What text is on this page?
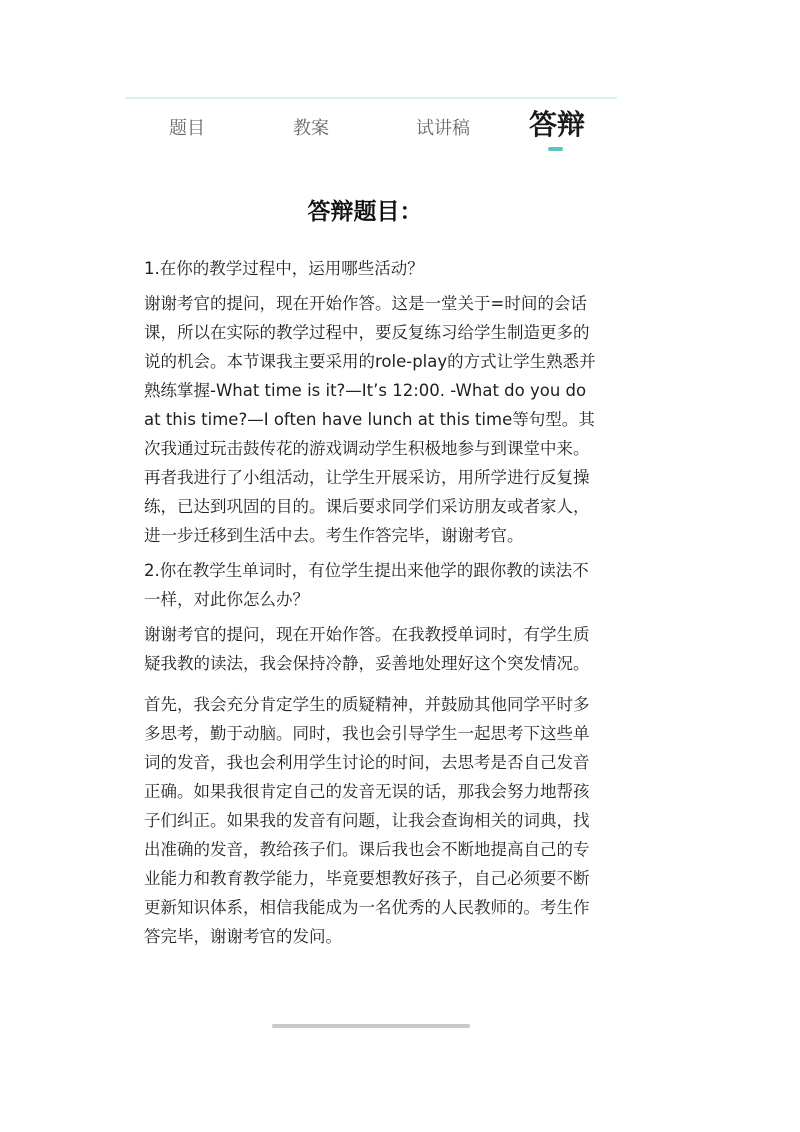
题目	教案	试讲稿	答辩
答辩题目：

1.在你的教学过程中，运用哪些活动？

谢谢考官的提问，现在开始作答。这是一堂关于=时间的会话课，所以在实际的教学过程中，要反复练习给学生制造更多的说的机会。本节课我主要采用的role-play的方式让学生熟悉并熟练掌握-What time is it?—It’s 12:00. -What do you do at this time?—I often have lunch at this time等句型。其次我通过玩击鼓传花的游戏调动学生积极地参与到课堂中来。再者我进行了小组活动，让学生开展采访，用所学进行反复操练，已达到巩固的目的。课后要求同学们采访朋友或者家人，进一步迁移到生活中去。考生作答完毕，谢谢考官。

2.你在教学生单词时，有位学生提出来他学的跟你教的读法不一样，对此你怎么办？

谢谢考官的提问，现在开始作答。在我教授单词时，有学生质疑我教的读法，我会保持冷静，妥善地处理好这个突发情况。

首先，我会充分肯定学生的质疑精神，并鼓励其他同学平时多多思考，勤于动脑。同时，我也会引导学生一起思考下这些单词的发音，我也会利用学生讨论的时间，去思考是否自己发音正确。如果我很肯定自己的发音无误的话，那我会努力地帮孩子们纠正。如果我的发音有问题，让我会查询相关的词典，找出准确的发音，教给孩子们。课后我也会不断地提高自己的专业能力和教育教学能力，毕竟要想教好孩子，自己必须要不断更新知识体系，相信我能成为一名优秀的人民教师的。考生作答完毕，谢谢考官的发问。
